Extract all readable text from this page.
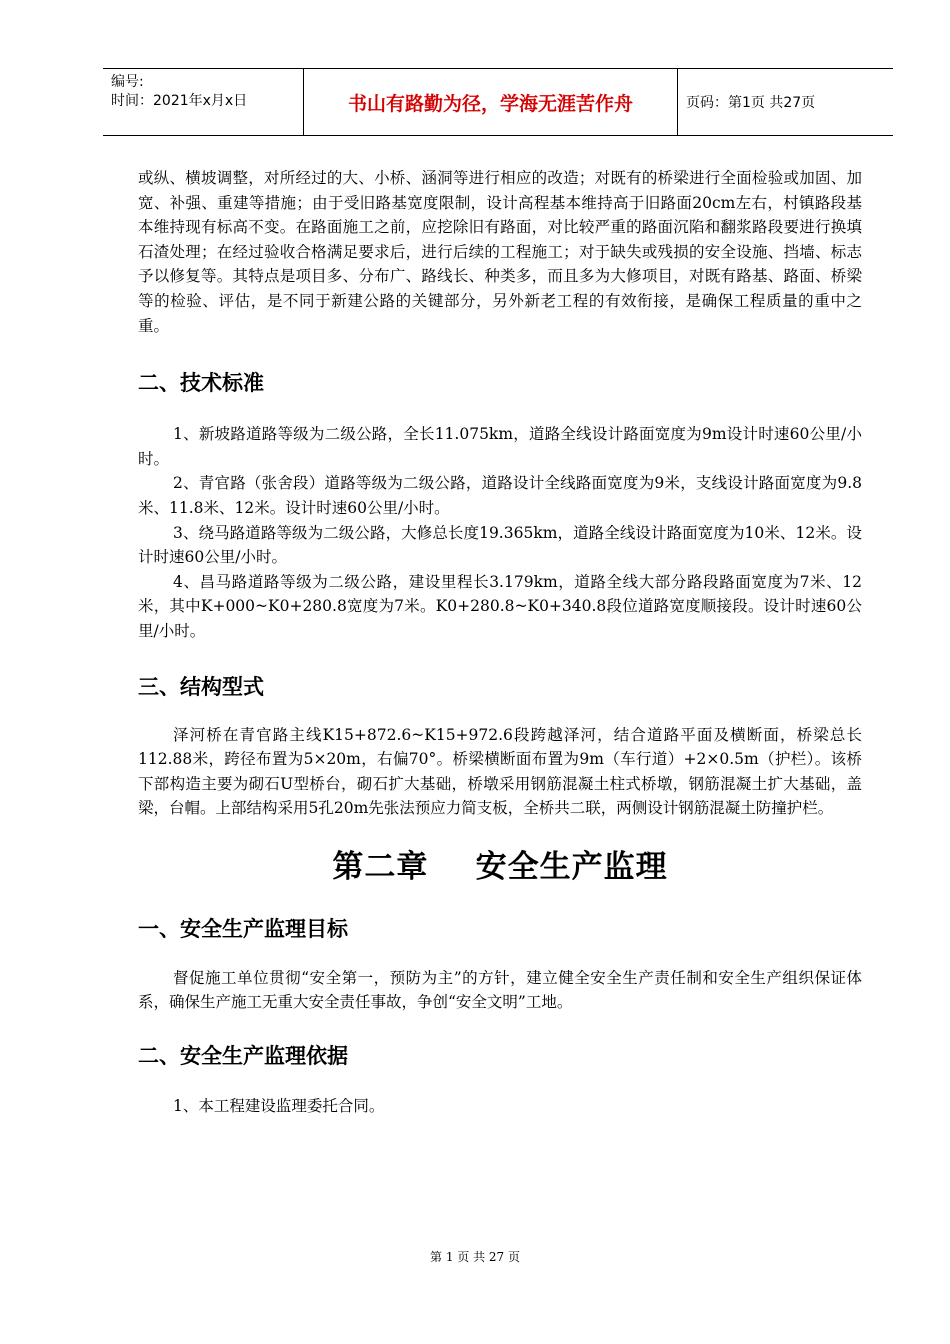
编号:
时间：2021年x月x日	书山有路勤为径，学海无涯苦作舟	页码：第1页 共27页

或纵、横坡调整，对所经过的大、小桥、涵洞等进行相应的改造；对既有的桥梁进行全面检验或加固、加宽、补强、重建等措施；由于受旧路基宽度限制，设计高程基本维持高于旧路面20cm左右，村镇路段基本维持现有标高不变。在路面施工之前，应挖除旧有路面，对比较严重的路面沉陷和翻浆路段要进行换填石渣处理；在经过验收合格满足要求后，进行后续的工程施工；对于缺失或残损的安全设施、挡墙、标志予以修复等。其特点是项目多、分布广、路线长、种类多，而且多为大修项目，对既有路基、路面、桥梁等的检验、评估，是不同于新建公路的关键部分，另外新老工程的有效衔接，是确保工程质量的重中之重。

二、技术标准

1、新坡路道路等级为二级公路，全长11.075km，道路全线设计路面宽度为9m设计时速60公里/小时。

2、青官路（张舍段）道路等级为二级公路，道路设计全线路面宽度为9米，支线设计路面宽度为9.8米、11.8米、12米。设计时速60公里/小时。

3、绕马路道路等级为二级公路，大修总长度19.365km，道路全线设计路面宽度为10米、12米。设计时速60公里/小时。

4、昌马路道路等级为二级公路，建设里程长3.179km，道路全线大部分路段路面宽度为7米、12米，其中K+000~K0+280.8宽度为7米。K0+280.8~K0+340.8段位道路宽度顺接段。设计时速60公里/小时。

三、结构型式

泽河桥在青官路主线K15+872.6~K15+972.6段跨越泽河，结合道路平面及横断面，桥梁总长112.88米，跨径布置为5×20m，右偏70°。桥梁横断面布置为9m（车行道）+2×0.5m（护栏）。该桥下部构造主要为砌石U型桥台，砌石扩大基础，桥墩采用钢筋混凝土柱式桥墩，钢筋混凝土扩大基础，盖梁，台帽。上部结构采用5孔20m先张法预应力简支板，全桥共二联，两侧设计钢筋混凝土防撞护栏。

第二章    安全生产监理
一、安全生产监理目标

督促施工单位贯彻“安全第一，预防为主”的方针，建立健全安全生产责任制和安全生产组织保证体系，确保生产施工无重大安全责任事故，争创“安全文明”工地。

二、安全生产监理依据

1、本工程建设监理委托合同。

第 1 页 共 27 页
